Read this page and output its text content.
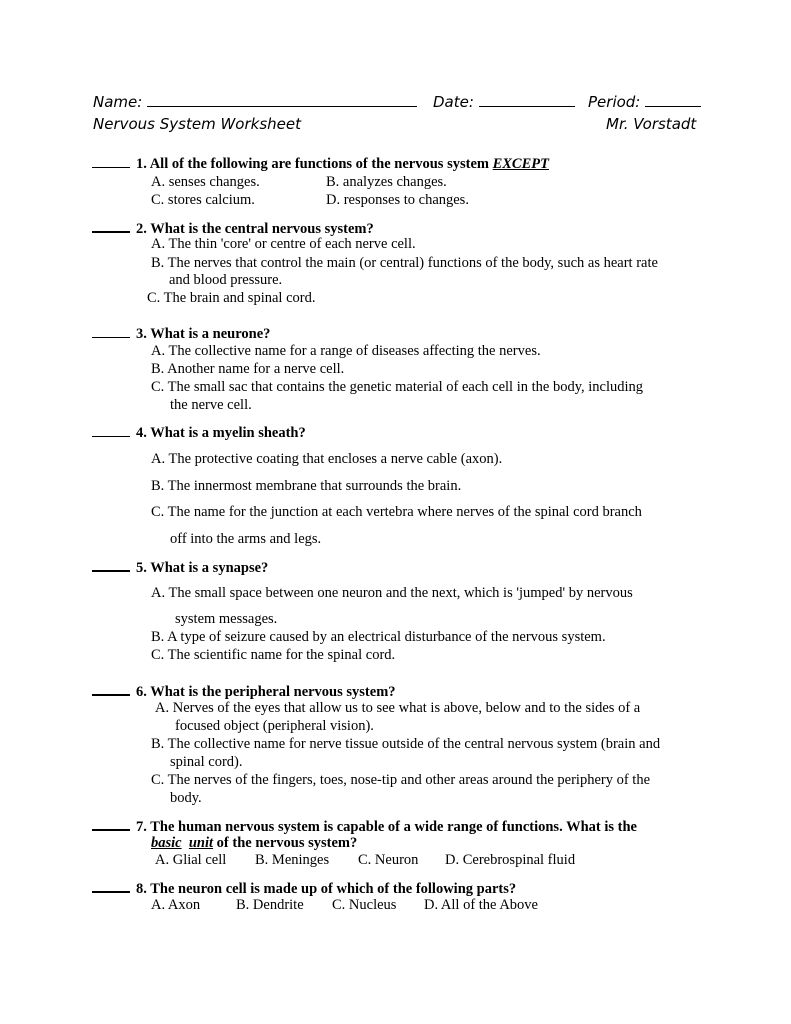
Name:	Date:	Period:
Nervous System Worksheet	Mr. Vorstadt
1. All of the following are functions of the nervous system EXCEPT
A. senses changes.	B. analyzes changes.
C. stores calcium.	D. responses to changes.
2. What is the central nervous system?
A. The thin 'core' or centre of each nerve cell.
B. The nerves that control the main (or central) functions of the body, such as heart rate
and blood pressure.
C. The brain and spinal cord.
3. What is a neurone?
A. The collective name for a range of diseases affecting the nerves.
B. Another name for a nerve cell.
C. The small sac that contains the genetic material of each cell in the body, including
the nerve cell.
4. What is a myelin sheath?
A. The protective coating that encloses a nerve cable (axon).
B. The innermost membrane that surrounds the brain.
C. The name for the junction at each vertebra where nerves of the spinal cord branch
off into the arms and legs.
5. What is a synapse?
A. The small space between one neuron and the next, which is 'jumped' by nervous
system messages.
B. A type of seizure caused by an electrical disturbance of the nervous system.
C. The scientific name for the spinal cord.
6. What is the peripheral nervous system?
A. Nerves of the eyes that allow us to see what is above, below and to the sides of a
focused object (peripheral vision).
B. The collective name for nerve tissue outside of the central nervous system (brain and
spinal cord).
C. The nerves of the fingers, toes, nose-tip and other areas around the periphery of the
body.
7. The human nervous system is capable of a wide range of functions. What is the
basic unit of the nervous system?
A. Glial cell B. Meninges C. Neuron D. Cerebrospinal fluid
8. The neuron cell is made up of which of the following parts?
A. Axon B. Dendrite C. Nucleus D. All of the Above
